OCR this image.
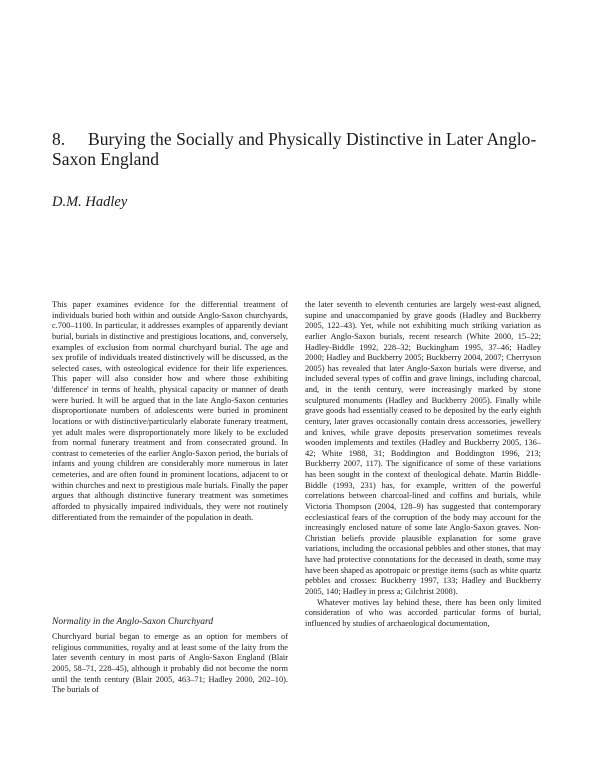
8. Burying the Socially and Physically Distinctive in Later Anglo-Saxon England
D.M. Hadley

This paper examines evidence for the differential treatment of individuals buried both within and outside Anglo-Saxon churchyards, c.700–1100. In particular, it addresses examples of apparently deviant burial, burials in distinctive and prestigious locations, and, conversely, examples of exclusion from normal churchyard burial. The age and sex profile of individuals treated distinctively will be discussed, as the selected cases, with osteological evidence for their life experiences. This paper will also consider how and where those exhibiting 'difference' in terms of health, physical capacity or manner of death were buried. It will be argued that in the late Anglo-Saxon centuries disproportionate numbers of adolescents were buried in prominent locations or with distinctive/particularly elaborate funerary treatment, yet adult males were disproportionately more likely to be excluded from normal funerary treatment and from consecrated ground. In contrast to cemeteries of the earlier Anglo-Saxon period, the burials of infants and young children are considerably more numerous in later cemeteries, and are often found in prominent locations, adjacent to or within churches and next to prestigious male burials. Finally the paper argues that although distinctive funerary treatment was sometimes afforded to physically impaired individuals, they were not routinely differentiated from the remainder of the population in death.

Normality in the Anglo-Saxon Churchyard

Churchyard burial began to emerge as an option for members of religious communities, royalty and at least some of the laity from the later seventh century in most parts of Anglo-Saxon England (Blair 2005, 58–71, 228–45), although it probably did not become the norm until the tenth century (Blair 2005, 463–71; Hadley 2000, 202–10). The burials of

the later seventh to eleventh centuries are largely west-east aligned, supine and unaccompanied by grave goods (Hadley and Buckberry 2005, 122–43). Yet, while not exhibiting much striking variation as earlier Anglo-Saxon burials, recent research (White 2000, 15–22; Hadley-Biddle 1992, 228–32; Buckingham 1995, 37–46; Hadley 2000; Hadley and Buckberry 2005; Buckberry 2004, 2007; Cherryson 2005) has revealed that later Anglo-Saxon burials were diverse, and included several types of coffin and grave linings, including charcoal, and, in the tenth century, were increasingly marked by stone sculptured monuments (Hadley and Buckberry 2005). Finally while grave goods had essentially ceased to be deposited by the early eighth century, later graves occasionally contain dress accessories, jewellery and knives, while grave deposits preservation sometimes reveals wooden implements and textiles (Hadley and Buckberry 2005, 136–42; White 1988, 31; Boddington and Boddington 1996, 213; Buckberry 2007, 117). The significance of some of these variations has been sought in the context of theological debate. Martin Biddle-Biddle (1993, 231) has, for example, written of the powerful correlations between charcoal-lined and coffins and burials, while Victoria Thompson (2004, 128–9) has suggested that contemporary ecclesiastical fears of the corruption of the body may account for the increasingly enclosed nature of some late Anglo-Saxon graves. Non-Christian beliefs provide plausible explanation for some grave variations, including the occasional pebbles and other stones, that may have had protective connotations for the deceased in death, some may have been shaped as apotropaic or prestige items (such as white quartz pebbles and crosses: Buckberry 1997, 133; Hadley and Buckberry 2005, 140; Hadley in press a; Gilchrist 2008).

Whatever motives lay behind these, there has been only limited consideration of who was accorded particular forms of burial, influenced by studies of archaeological documentation,
